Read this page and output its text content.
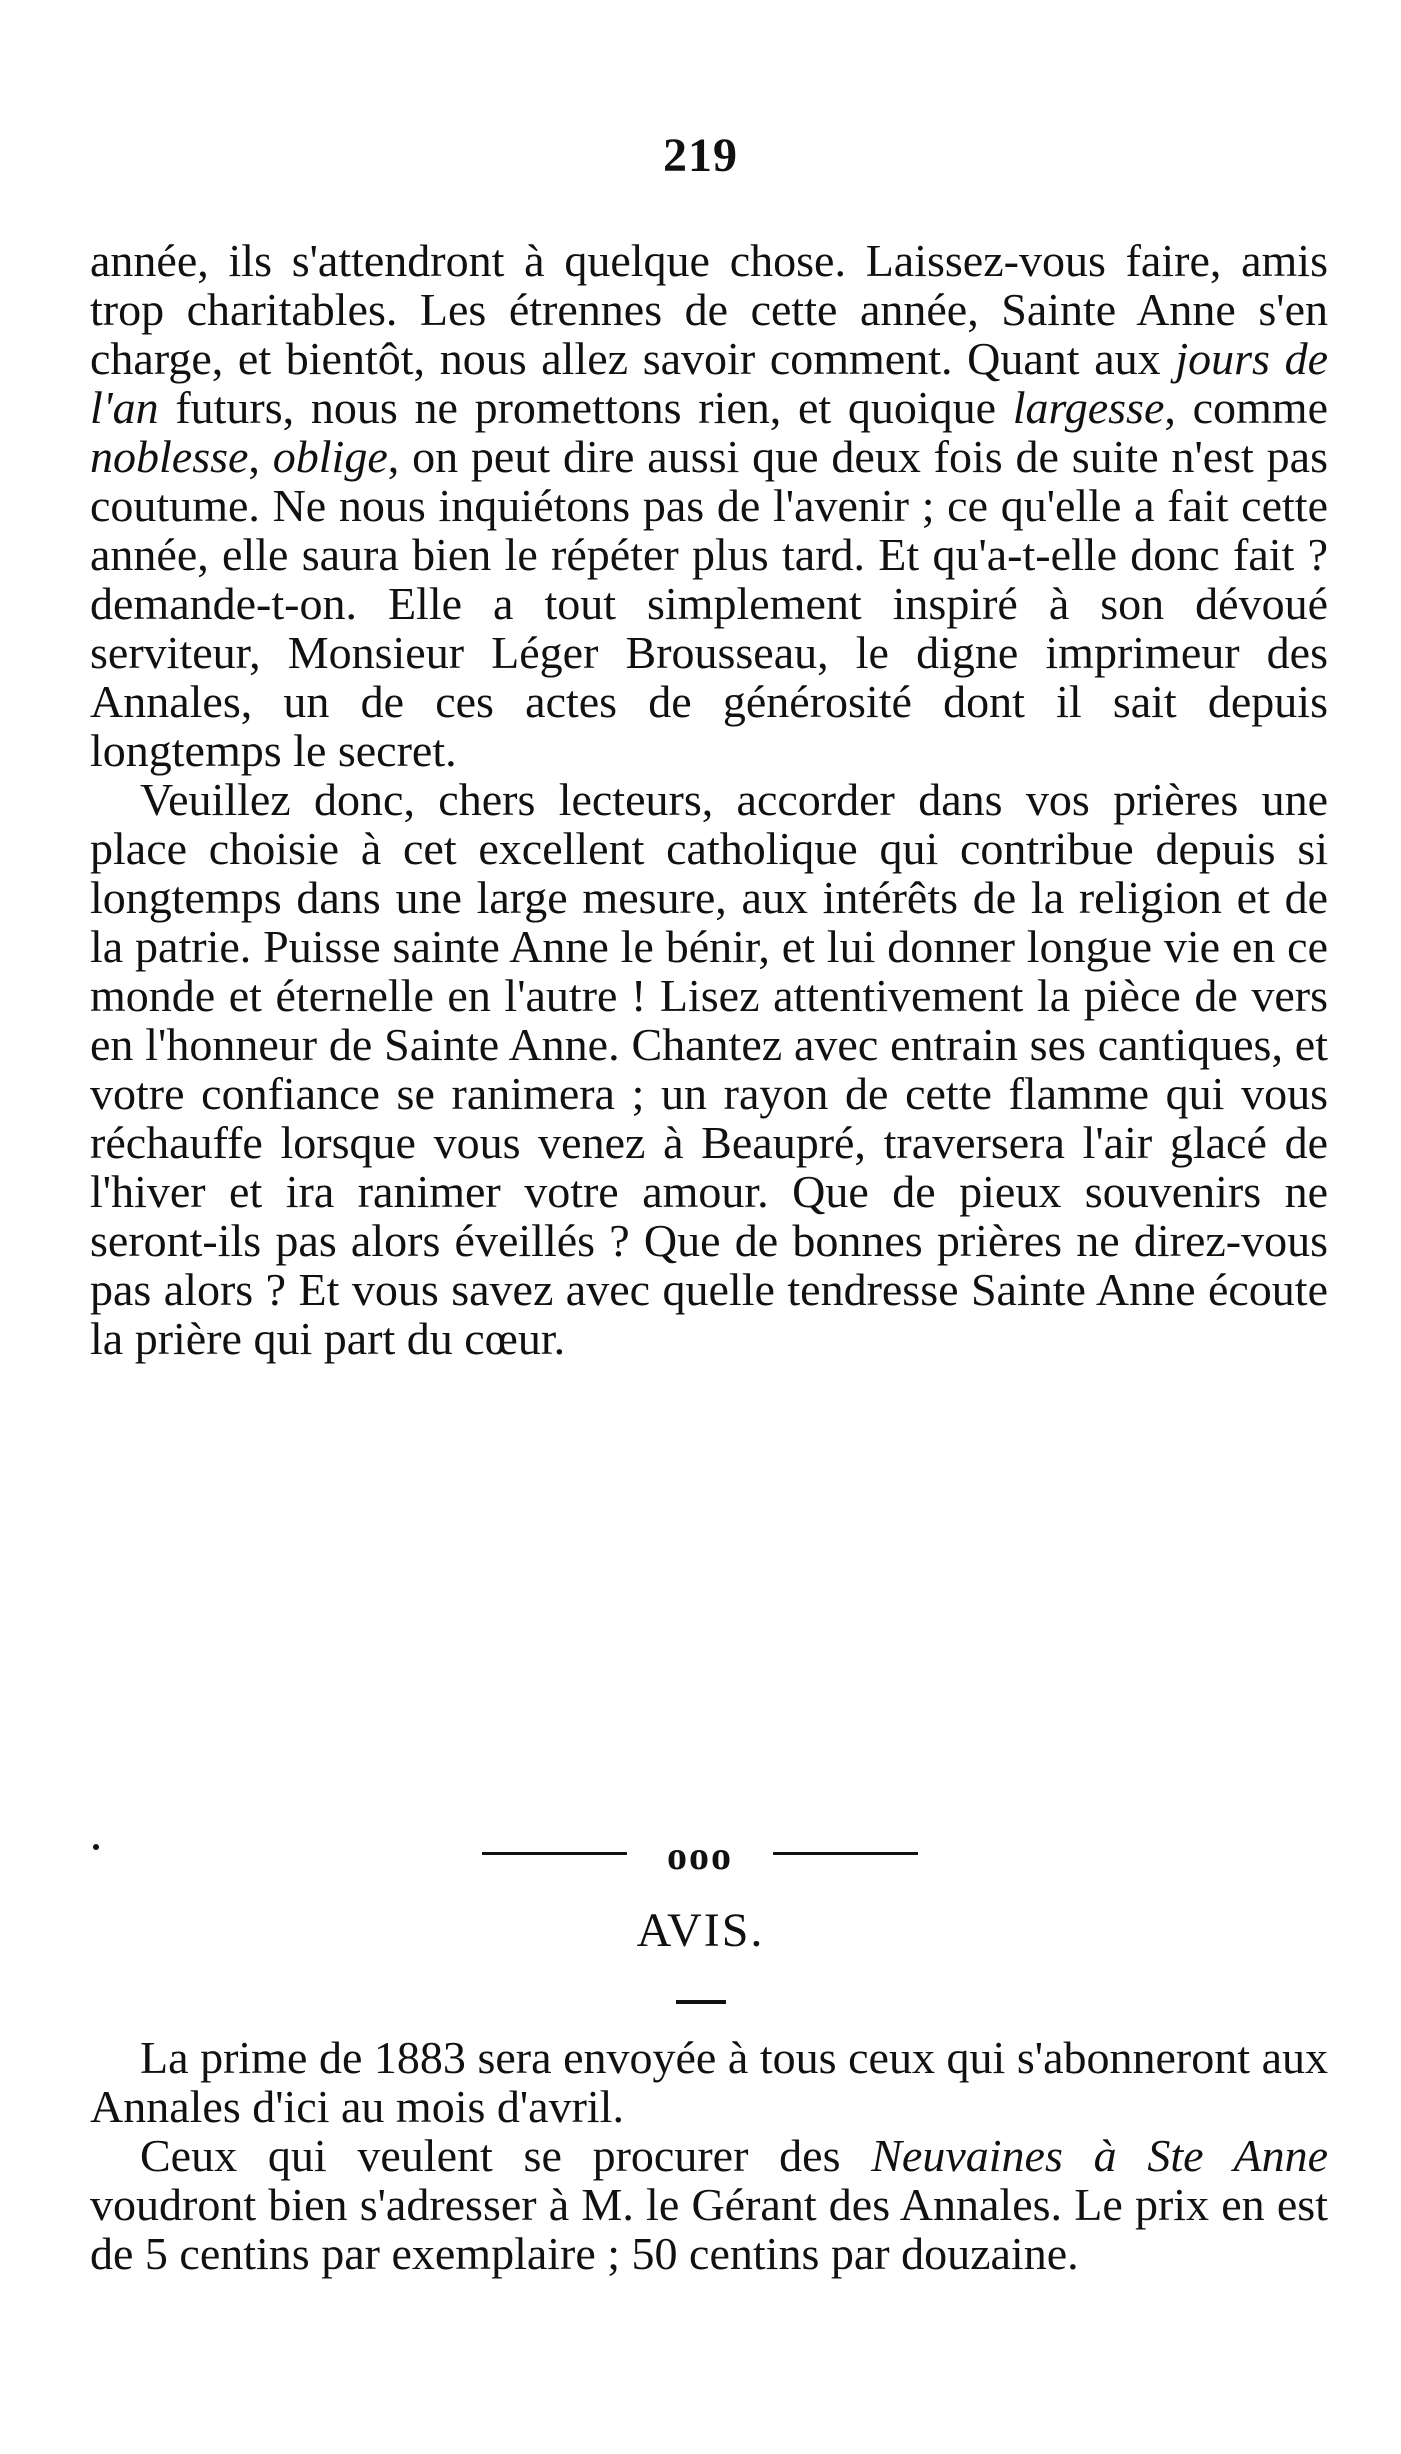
219

année, ils s'attendront à quelque chose. Laissez-vous faire, amis trop charitables. Les étrennes de cette année, Sainte Anne s'en charge, et bientôt, nous allez savoir comment. Quant aux jours de l'an futurs, nous ne promettons rien, et quoique largesse, comme noblesse, oblige, on peut dire aussi que deux fois de suite n'est pas coutume. Ne nous inquiétons pas de l'avenir ; ce qu'elle a fait cette année, elle saura bien le répéter plus tard. Et qu'a-t-elle donc fait ? demande-t-on. Elle a tout simplement inspiré à son dévoué serviteur, Monsieur Léger Brousseau, le digne imprimeur des Annales, un de ces actes de générosité dont il sait depuis longtemps le secret.

Veuillez donc, chers lecteurs, accorder dans vos prières une place choisie à cet excellent catholique qui contribue depuis si longtemps dans une large mesure, aux intérêts de la religion et de la patrie. Puisse sainte Anne le bénir, et lui donner longue vie en ce monde et éternelle en l'autre ! Lisez attentivement la pièce de vers en l'honneur de Sainte Anne. Chantez avec entrain ses cantiques, et votre confiance se ranimera ; un rayon de cette flamme qui vous réchauffe lorsque vous venez à Beaupré, traversera l'air glacé de l'hiver et ira ranimer votre amour. Que de pieux souvenirs ne seront-ils pas alors éveillés ? Que de bonnes prières ne direz-vous pas alors ? Et vous savez avec quelle tendresse Sainte Anne écoute la prière qui part du cœur.

ooo
AVIS.

La prime de 1883 sera envoyée à tous ceux qui s'abonneront aux Annales d'ici au mois d'avril.

Ceux qui veulent se procurer des Neuvaines à Ste Anne voudront bien s'adresser à M. le Gérant des Annales. Le prix en est de 5 centins par exemplaire ; 50 centins par douzaine.
